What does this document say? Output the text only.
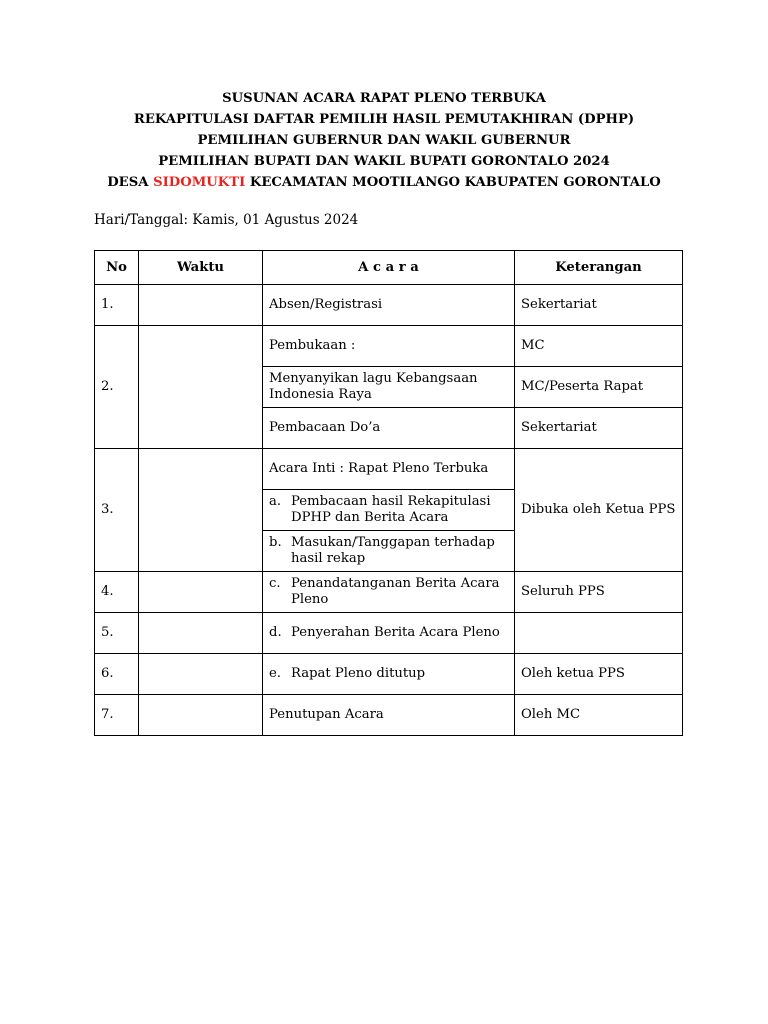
SUSUNAN ACARA RAPAT PLENO TERBUKA
REKAPITULASI DAFTAR PEMILIH HASIL PEMUTAKHIRAN (DPHP)
PEMILIHAN GUBERNUR DAN WAKIL GUBERNUR
PEMILIHAN BUPATI DAN WAKIL BUPATI GORONTALO 2024
DESA SIDOMUKTI KECAMATAN MOOTILANGO KABUPATEN GORONTALO
Hari/Tanggal: Kamis, 01 Agustus 2024
No	Waktu	A c a r a	Keterangan
1.		Absen/Registrasi	Sekertariat
2.		Pembukaan :	MC
		Menyanyikan lagu Kebangsaan Indonesia Raya	MC/Peserta Rapat
		Pembacaan Do’a	Sekertariat
3.		Acara Inti : Rapat Pleno Terbuka	Dibuka oleh Ketua PPS

		a. Pembacaan hasil Rekapitulasi DPHP dan Berita Acara	

		b. Masukan/Tanggapan terhadap hasil rekap	

4.		c. Penandatanganan Berita Acara Pleno	Seluruh PPS
5.		d. Penyerahan Berita Acara Pleno	

6.		e. Rapat Pleno ditutup	Oleh ketua PPS
7.		Penutupan Acara	Oleh MC
